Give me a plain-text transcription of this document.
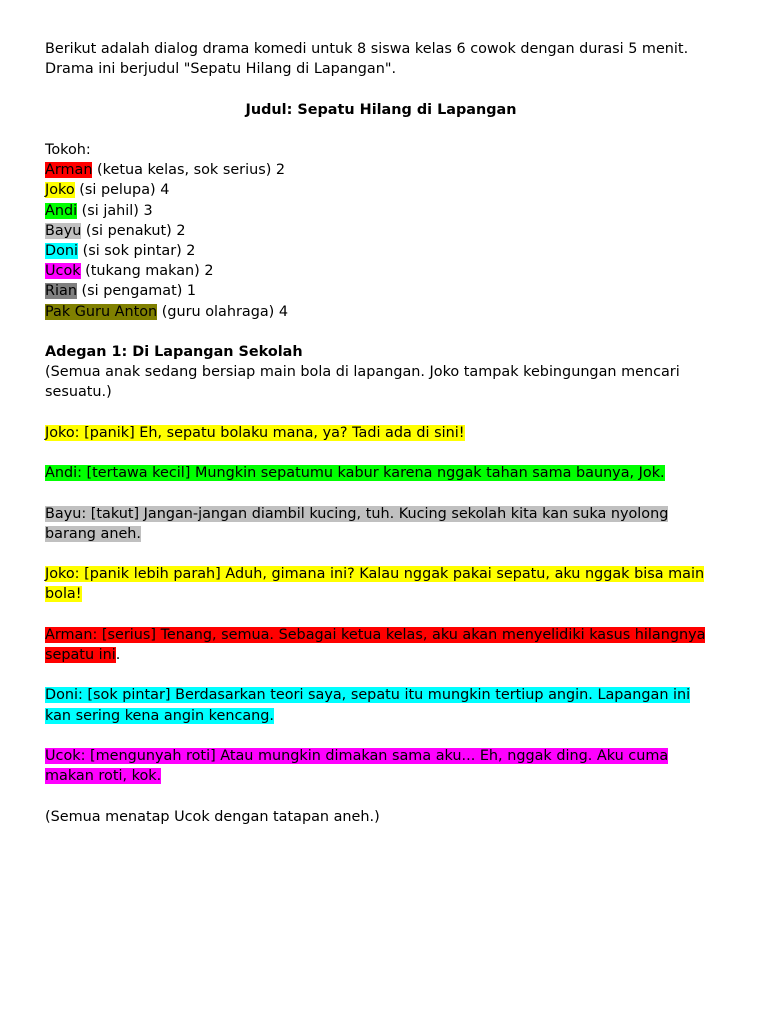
Berikut adalah dialog drama komedi untuk 8 siswa kelas 6 cowok dengan durasi 5 menit.

Drama ini berjudul "Sepatu Hilang di Lapangan".

Judul: Sepatu Hilang di Lapangan

Tokoh:

Arman (ketua kelas, sok serius) 2

Joko (si pelupa) 4

Andi (si jahil) 3

Bayu (si penakut) 2

Doni (si sok pintar) 2

Ucok (tukang makan) 2

Rian (si pengamat) 1

Pak Guru Anton (guru olahraga) 4

Adegan 1: Di Lapangan Sekolah

(Semua anak sedang bersiap main bola di lapangan. Joko tampak kebingungan mencari sesuatu.)

Joko: [panik] Eh, sepatu bolaku mana, ya? Tadi ada di sini!

Andi: [tertawa kecil] Mungkin sepatumu kabur karena nggak tahan sama baunya, Jok.

Bayu: [takut] Jangan-jangan diambil kucing, tuh. Kucing sekolah kita kan suka nyolong barang aneh.

Joko: [panik lebih parah] Aduh, gimana ini? Kalau nggak pakai sepatu, aku nggak bisa main bola!

Arman: [serius] Tenang, semua. Sebagai ketua kelas, aku akan menyelidiki kasus hilangnya sepatu ini.

Doni: [sok pintar] Berdasarkan teori saya, sepatu itu mungkin tertiup angin. Lapangan ini kan sering kena angin kencang.

Ucok: [mengunyah roti] Atau mungkin dimakan sama aku... Eh, nggak ding. Aku cuma makan roti, kok.

(Semua menatap Ucok dengan tatapan aneh.)
